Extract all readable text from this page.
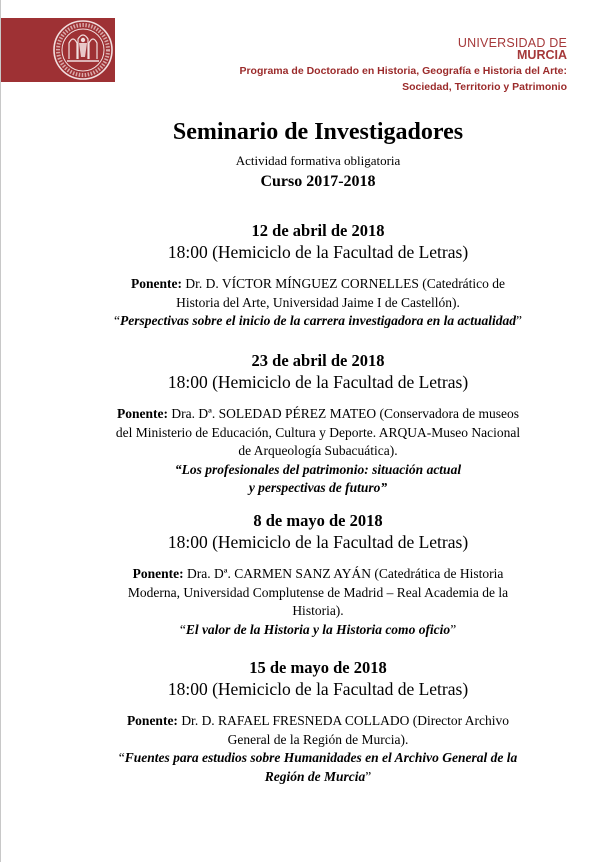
UNIVERSIDAD DE
MURCIA
Programa de Doctorado en Historia, Geografía e Historia del Arte:
Sociedad, Territorio y Patrimonio
Seminario de Investigadores
Actividad formativa obligatoria
Curso 2017-2018
12 de abril de 2018
18:00 (Hemiciclo de la Facultad de Letras)
Ponente: Dr. D. VÍCTOR MÍNGUEZ CORNELLES (Catedrático de
Historia del Arte, Universidad Jaime I de Castellón).
“Perspectivas sobre el inicio de la carrera investigadora en la actualidad”
23 de abril de 2018
18:00 (Hemiciclo de la Facultad de Letras)
Ponente: Dra. Dª. SOLEDAD PÉREZ MATEO (Conservadora de museos
del Ministerio de Educación, Cultura y Deporte. ARQUA-Museo Nacional
de Arqueología Subacuática).
“Los profesionales del patrimonio: situación actual
y perspectivas de futuro”
8 de mayo de 2018
18:00 (Hemiciclo de la Facultad de Letras)
Ponente: Dra. Dª. CARMEN SANZ AYÁN (Catedrática de Historia
Moderna, Universidad Complutense de Madrid – Real Academia de la
Historia).
“El valor de la Historia y la Historia como oficio”
15 de mayo de 2018
18:00 (Hemiciclo de la Facultad de Letras)
Ponente: Dr. D. RAFAEL FRESNEDA COLLADO (Director Archivo
General de la Región de Murcia).
“Fuentes para estudios sobre Humanidades en el Archivo General de la
Región de Murcia”
